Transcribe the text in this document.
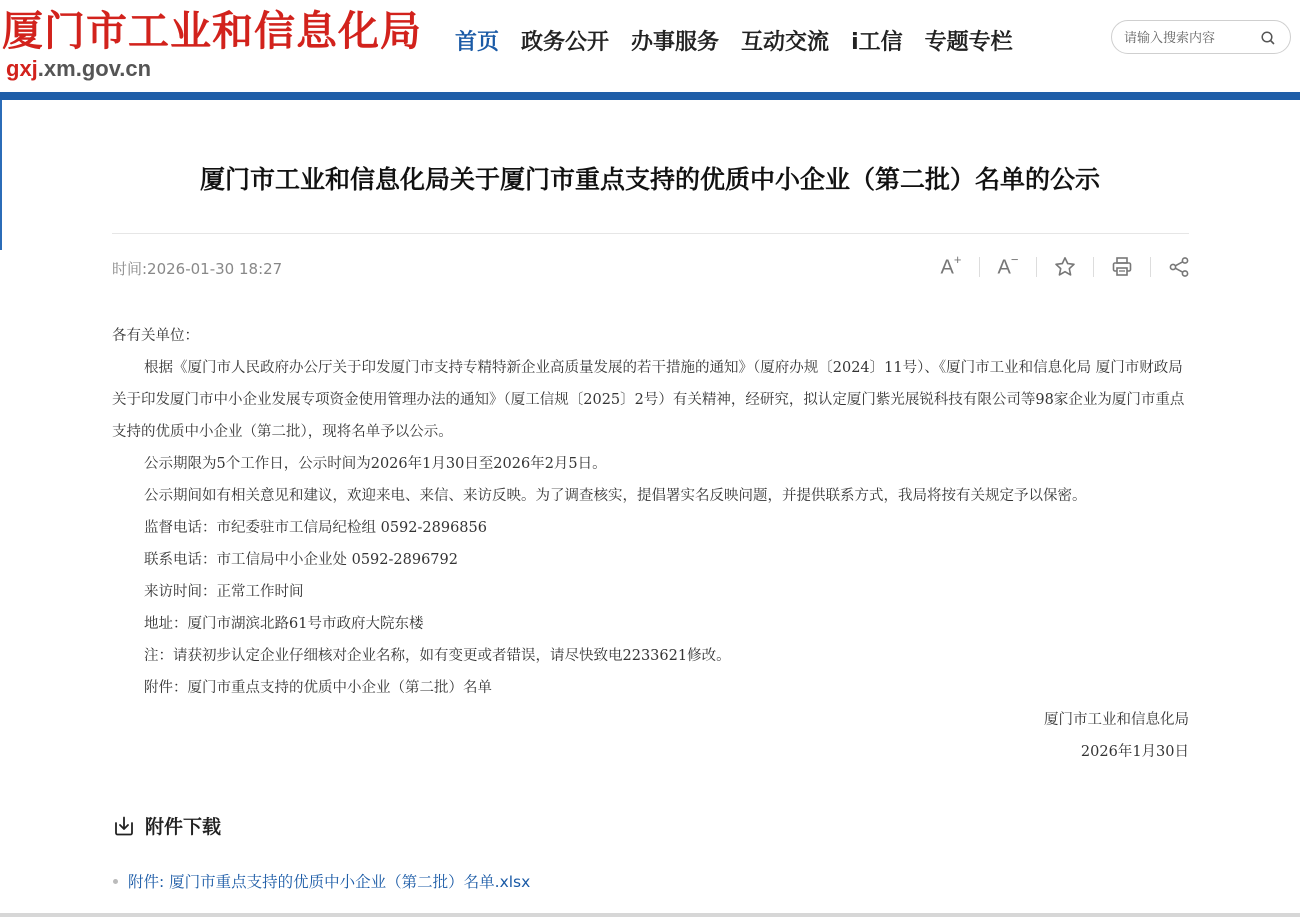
厦门市工业和信息化局
gxj.xm.gov.cn
首页 政务公开 办事服务 互动交流 i工信 专题专栏
请输入搜索内容
厦门市工业和信息化局关于厦门市重点支持的优质中小企业（第二批）名单的公示
时间:2026-01-30 18:27	A+ A−

各有关单位：

根据《厦门市人民政府办公厅关于印发厦门市支持专精特新企业高质量发展的若干措施的通知》（厦府办规〔2024〕11号）、《厦门市工业和信息化局 厦门市财政局关于印发厦门市中小企业发展专项资金使用管理办法的通知》（厦工信规〔2025〕2号）有关精神，经研究，拟认定厦门紫光展锐科技有限公司等98家企业为厦门市重点支持的优质中小企业（第二批），现将名单予以公示。

公示期限为5个工作日，公示时间为2026年1月30日至2026年2月5日。

公示期间如有相关意见和建议，欢迎来电、来信、来访反映。为了调查核实，提倡署实名反映问题，并提供联系方式，我局将按有关规定予以保密。

监督电话：市纪委驻市工信局纪检组 0592-2896856

联系电话：市工信局中小企业处 0592-2896792

来访时间：正常工作时间

地址：厦门市湖滨北路61号市政府大院东楼

注：请获初步认定企业仔细核对企业名称，如有变更或者错误，请尽快致电2233621修改。

附件：厦门市重点支持的优质中小企业（第二批）名单

厦门市工业和信息化局

2026年1月30日

附件下载
附件: 厦门市重点支持的优质中小企业（第二批）名单.xlsx
